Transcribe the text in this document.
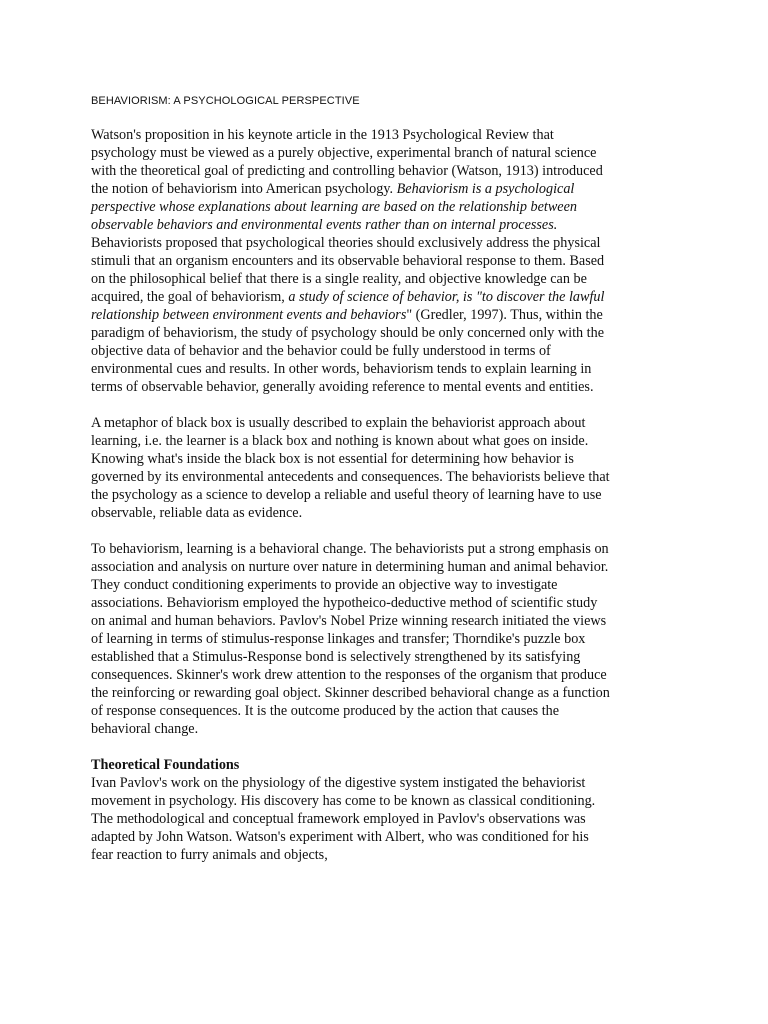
BEHAVIORISM: A PSYCHOLOGICAL PERSPECTIVE

Watson's proposition in his keynote article in the 1913 Psychological Review that psychology must be viewed as a purely objective, experimental branch of natural science with the theoretical goal of predicting and controlling behavior (Watson, 1913) introduced the notion of behaviorism into American psychology. Behaviorism is a psychological perspective whose explanations about learning are based on the relationship between observable behaviors and environmental events rather than on internal processes. Behaviorists proposed that psychological theories should exclusively address the physical stimuli that an organism encounters and its observable behavioral response to them. Based on the philosophical belief that there is a single reality, and objective knowledge can be acquired, the goal of behaviorism, a study of science of behavior, is "to discover the lawful relationship between environment events and behaviors" (Gredler, 1997). Thus, within the paradigm of behaviorism, the study of psychology should be only concerned only with the objective data of behavior and the behavior could be fully understood in terms of environmental cues and results. In other words, behaviorism tends to explain learning in terms of observable behavior, generally avoiding reference to mental events and entities.

A metaphor of black box is usually described to explain the behaviorist approach about learning, i.e. the learner is a black box and nothing is known about what goes on inside. Knowing what's inside the black box is not essential for determining how behavior is governed by its environmental antecedents and consequences. The behaviorists believe that the psychology as a science to develop a reliable and useful theory of learning have to use observable, reliable data as evidence.

To behaviorism, learning is a behavioral change. The behaviorists put a strong emphasis on association and analysis on nurture over nature in determining human and animal behavior. They conduct conditioning experiments to provide an objective way to investigate associations. Behaviorism employed the hypotheico-deductive method of scientific study on animal and human behaviors. Pavlov's Nobel Prize winning research initiated the views of learning in terms of stimulus-response linkages and transfer; Thorndike's puzzle box established that a Stimulus-Response bond is selectively strengthened by its satisfying consequences. Skinner's work drew attention to the responses of the organism that produce the reinforcing or rewarding goal object. Skinner described behavioral change as a function of response consequences. It is the outcome produced by the action that causes the behavioral change.

Theoretical Foundations

Ivan Pavlov's work on the physiology of the digestive system instigated the behaviorist movement in psychology. His discovery has come to be known as classical conditioning. The methodological and conceptual framework employed in Pavlov's observations was adapted by John Watson. Watson's experiment with Albert, who was conditioned for his fear reaction to furry animals and objects,
